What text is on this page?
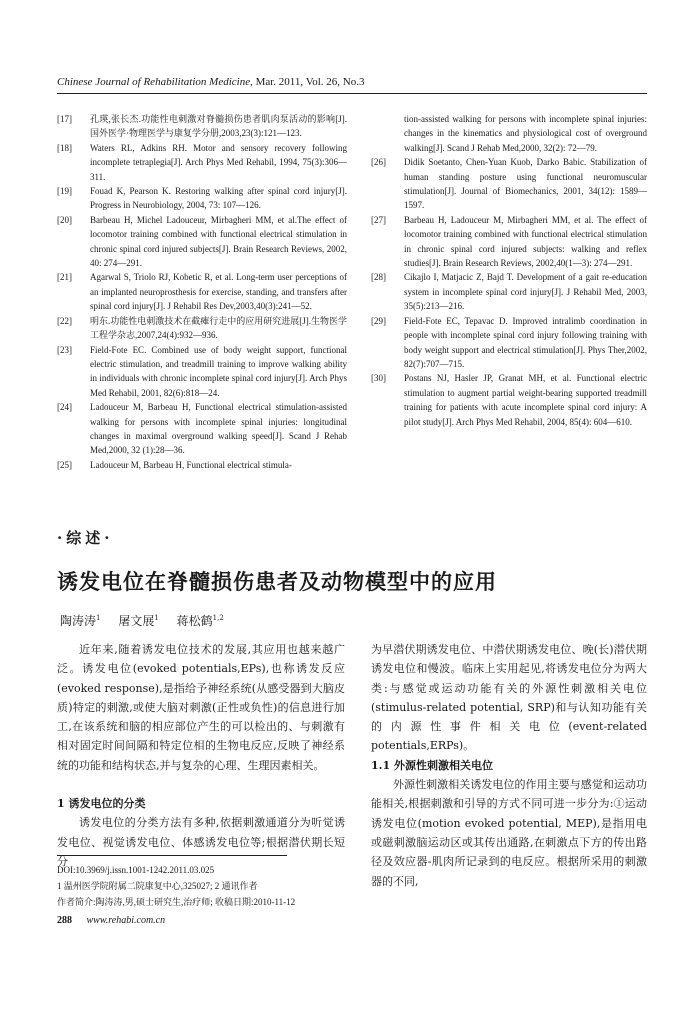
Chinese Journal of Rehabilitation Medicine, Mar. 2011, Vol. 26, No.3
[17]	孔瑛,张长杰.功能性电刺激对脊髓损伤患者肌肉泵活动的影响[J].国外医学·物理医学与康复学分册,2003,23(3):121—123.
[18]	Waters RL, Adkins RH. Motor and sensory recovery following incomplete tetraplegia[J]. Arch Phys Med Rehabil, 1994, 75(3):306—311.
[19]	Fouad K, Pearson K. Restoring walking after spinal cord injury[J]. Progress in Neurobiology, 2004, 73: 107—126.
[20]	Barbeau H, Michel Ladouceur, Mirbagheri MM, et al.The effect of locomotor training combined with functional electrical stimulation in chronic spinal cord injured subjects[J]. Brain Research Reviews, 2002, 40: 274—291.
[21]	Agarwal S, Triolo RJ, Kobetic R, et al. Long-term user perceptions of an implanted neuroprosthesis for exercise, standing, and transfers after spinal cord injury[J]. J Rehabil Res Dev,2003,40(3):241—52.
[22]	明东.功能性电刺激技术在截瘫行走中的应用研究进展[J].生物医学工程学杂志,2007,24(4):932—936.
[23]	Field-Fote EC. Combined use of body weight support, functional electric stimulation, and treadmill training to improve walking ability in individuals with chronic incomplete spinal cord injury[J]. Arch Phys Med Rehabil, 2001, 82(6):818—24.
[24]	Ladouceur M, Barbeau H, Functional electrical stimulation-assisted walking for persons with incomplete spinal injuries: longitudinal changes in maximal overground walking speed[J]. Scand J Rehab Med,2000, 32 (1):28—36.
[25]	Ladouceur M, Barbeau H, Functional electrical stimula-
tion-assisted walking for persons with incomplete spinal injuries: changes in the kinematics and physiological cost of overground walking[J]. Scand J Rehab Med,2000, 32(2): 72—79.
[26]	Didik Soetanto, Chen-Yuan Kuob, Darko Babic. Stabilization of human standing posture using functional neuromuscular stimulation[J]. Journal of Biomechanics, 2001, 34(12): 1589—1597.
[27]	Barbeau H, Ladouceur M, Mirbagheri MM, et al. The effect of locomotor training combined with functional electrical stimulation in chronic spinal cord injured subjects: walking and reflex studies[J]. Brain Research Reviews, 2002,40(1—3): 274—291.
[28]	Cikajlo I, Matjacic Z, Bajd T. Development of a gait re-education system in incomplete spinal cord injury[J]. J Rehabil Med, 2003, 35(5):213—216.
[29]	Field-Fote EC, Tepavac D. Improved intralimb coordination in people with incomplete spinal cord injury following training with body weight support and electrical stimulation[J]. Phys Ther,2002, 82(7):707—715.
[30]	Postans NJ, Hasler JP, Granat MH, et al. Functional electric stimulation to augment partial weight-bearing supported treadmill training for patients with acute incomplete spinal cord injury: A pilot study[J]. Arch Phys Med Rehabil, 2004, 85(4): 604—610.
·综述·
诱发电位在脊髓损伤患者及动物模型中的应用
陶涛涛$^1$ 屠文展$^1$ 蒋松鹤$^{1,2}$

近年来,随着诱发电位技术的发展,其应用也越来越广泛。诱发电位(evoked potentials,EPs),也称诱发反应(evoked response),是指给予神经系统(从感受器到大脑皮质)特定的刺激,或使大脑对刺激(正性或负性)的信息进行加工,在该系统和脑的相应部位产生的可以检出的、与刺激有相对固定时间间隔和特定位相的生物电反应,反映了神经系统的功能和结构状态,并与复杂的心理、生理因素相关。

1 诱发电位的分类

诱发电位的分类方法有多种,依据刺激通道分为听觉诱发电位、视觉诱发电位、体感诱发电位等;根据潜伏期长短分

为早潜伏期诱发电位、中潜伏期诱发电位、晚(长)潜伏期诱发电位和慢波。临床上实用起见,将诱发电位分为两大类:与感觉或运动功能有关的外源性刺激相关电位(stimulus-related potential, SRP)和与认知功能有关的内源性事件相关电位(event-related potentials,ERPs)。

1.1 外源性刺激相关电位

外源性刺激相关诱发电位的作用主要与感觉和运动功能相关,根据刺激和引导的方式不同可进一步分为:①运动诱发电位(motion evoked potential, MEP),是指用电或磁刺激脑运动区或其传出通路,在刺激点下方的传出路径及效应器-肌肉所记录到的电反应。根据所采用的刺激器的不同,

DOI:10.3969/j.issn.1001-1242.2011.03.025
1 温州医学院附属二院康复中心,325027; 2 通讯作者
作者简介:陶涛涛,男,硕士研究生,治疗师; 收稿日期:2010-11-12
288 www.rehabi.com.cn
